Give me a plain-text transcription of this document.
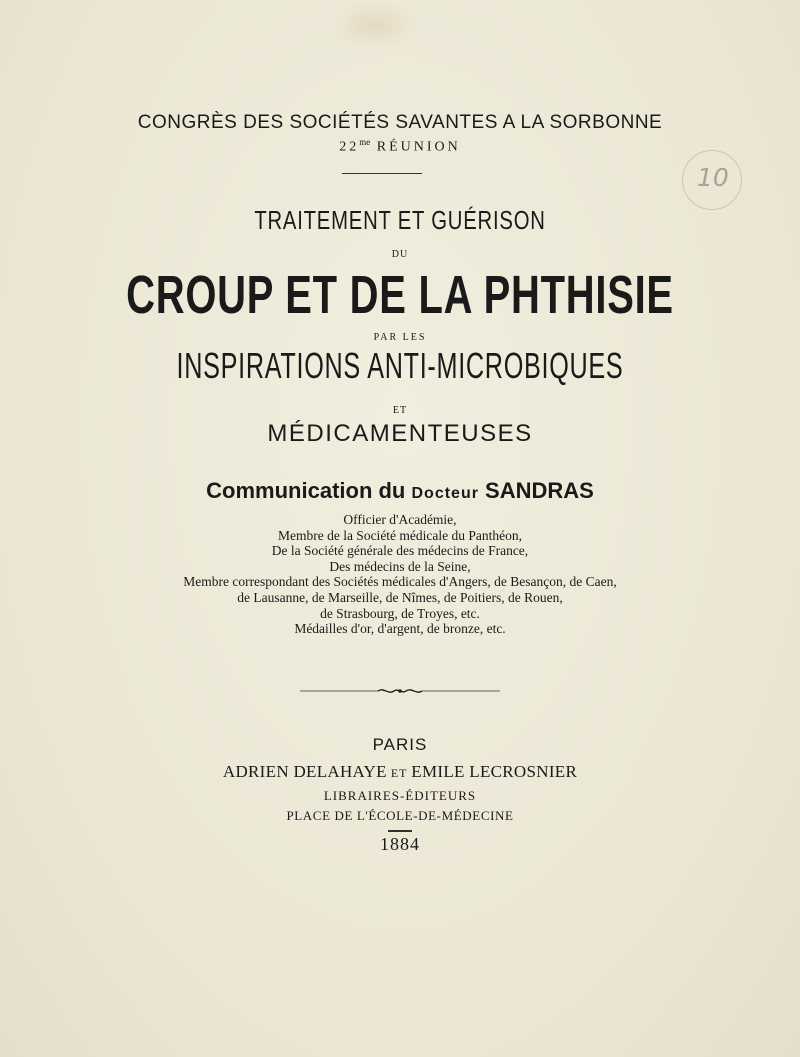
CONGRÈS DES SOCIÉTÉS SAVANTES A LA SORBONNE
$22^{me}$ RÉUNION
10
TRAITEMENT ET GUÉRISON
DU
CROUP ET DE LA PHTHISIE
PAR LES
INSPIRATIONS ANTI-MICROBIQUES
ET
MÉDICAMENTEUSES
Communication du Docteur SANDRAS
Officier d'Académie,
Membre de la Société médicale du Panthéon,
De la Société générale des médecins de France,
Des médecins de la Seine,
Membre correspondant des Sociétés médicales d'Angers, de Besançon, de Caen,
de Lausanne, de Marseille, de Nîmes, de Poitiers, de Rouen,
de Strasbourg, de Troyes, etc.
Médailles d'or, d'argent, de bronze, etc.
PARIS
ADRIEN DELAHAYE ET EMILE LECROSNIER
LIBRAIRES-ÉDITEURS
PLACE DE L'ÉCOLE-DE-MÉDECINE
1884
